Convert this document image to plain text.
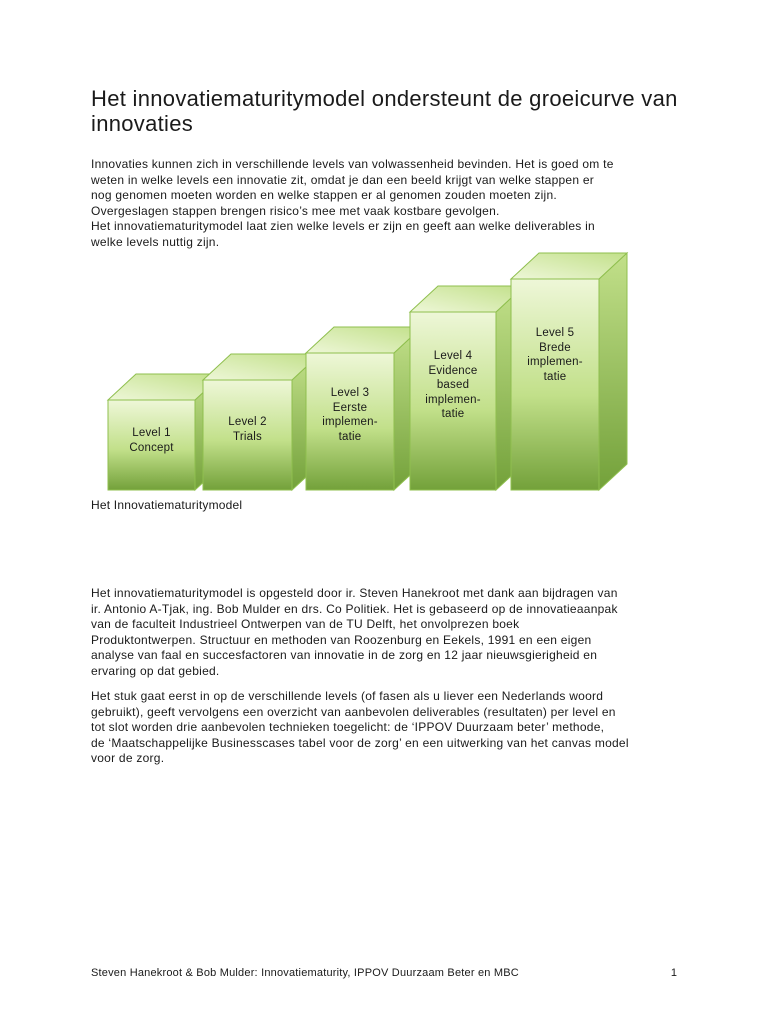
Het innovatiematuritymodel ondersteunt de groeicurve van innovaties
Innovaties kunnen zich in verschillende levels van volwassenheid bevinden. Het is goed om te
weten in welke levels een innovatie zit, omdat je dan een beeld krijgt van welke stappen er
nog genomen moeten worden en welke stappen er al genomen zouden moeten zijn.
Overgeslagen stappen brengen risico’s mee met vaak kostbare gevolgen.
Het innovatiematuritymodel laat zien welke levels er zijn en geeft aan welke deliverables in
welke levels nuttig zijn.
Level 1
Concept
Level 2
Trials
Level 3
Eerste
implemen-
tatie
Level 4
Evidence
based
implemen-
tatie
Level 5
Brede
implemen-
tatie

Het Innovatiematuritymodel

Het innovatiematuritymodel is opgesteld door ir. Steven Hanekroot met dank aan bijdragen van
ir. Antonio A-Tjak, ing. Bob Mulder en drs. Co Politiek. Het is gebaseerd op de innovatieaanpak
van de faculteit Industrieel Ontwerpen van de TU Delft, het onvolprezen boek
Produktontwerpen. Structuur en methoden van Roozenburg en Eekels, 1991 en een eigen
analyse van faal en succesfactoren van innovatie in de zorg en 12 jaar nieuwsgierigheid en
ervaring op dat gebied.
Het stuk gaat eerst in op de verschillende levels (of fasen als u liever een Nederlands woord
gebruikt), geeft vervolgens een overzicht van aanbevolen deliverables (resultaten) per level en
tot slot worden drie aanbevolen technieken toegelicht: de ‘IPPOV Duurzaam beter’ methode,
de ‘Maatschappelijke Businesscases tabel voor de zorg’ en een uitwerking van het canvas model
voor de zorg.

Steven Hanekroot & Bob Mulder: Innovatiematurity, IPPOV Duurzaam Beter en MBC	1
